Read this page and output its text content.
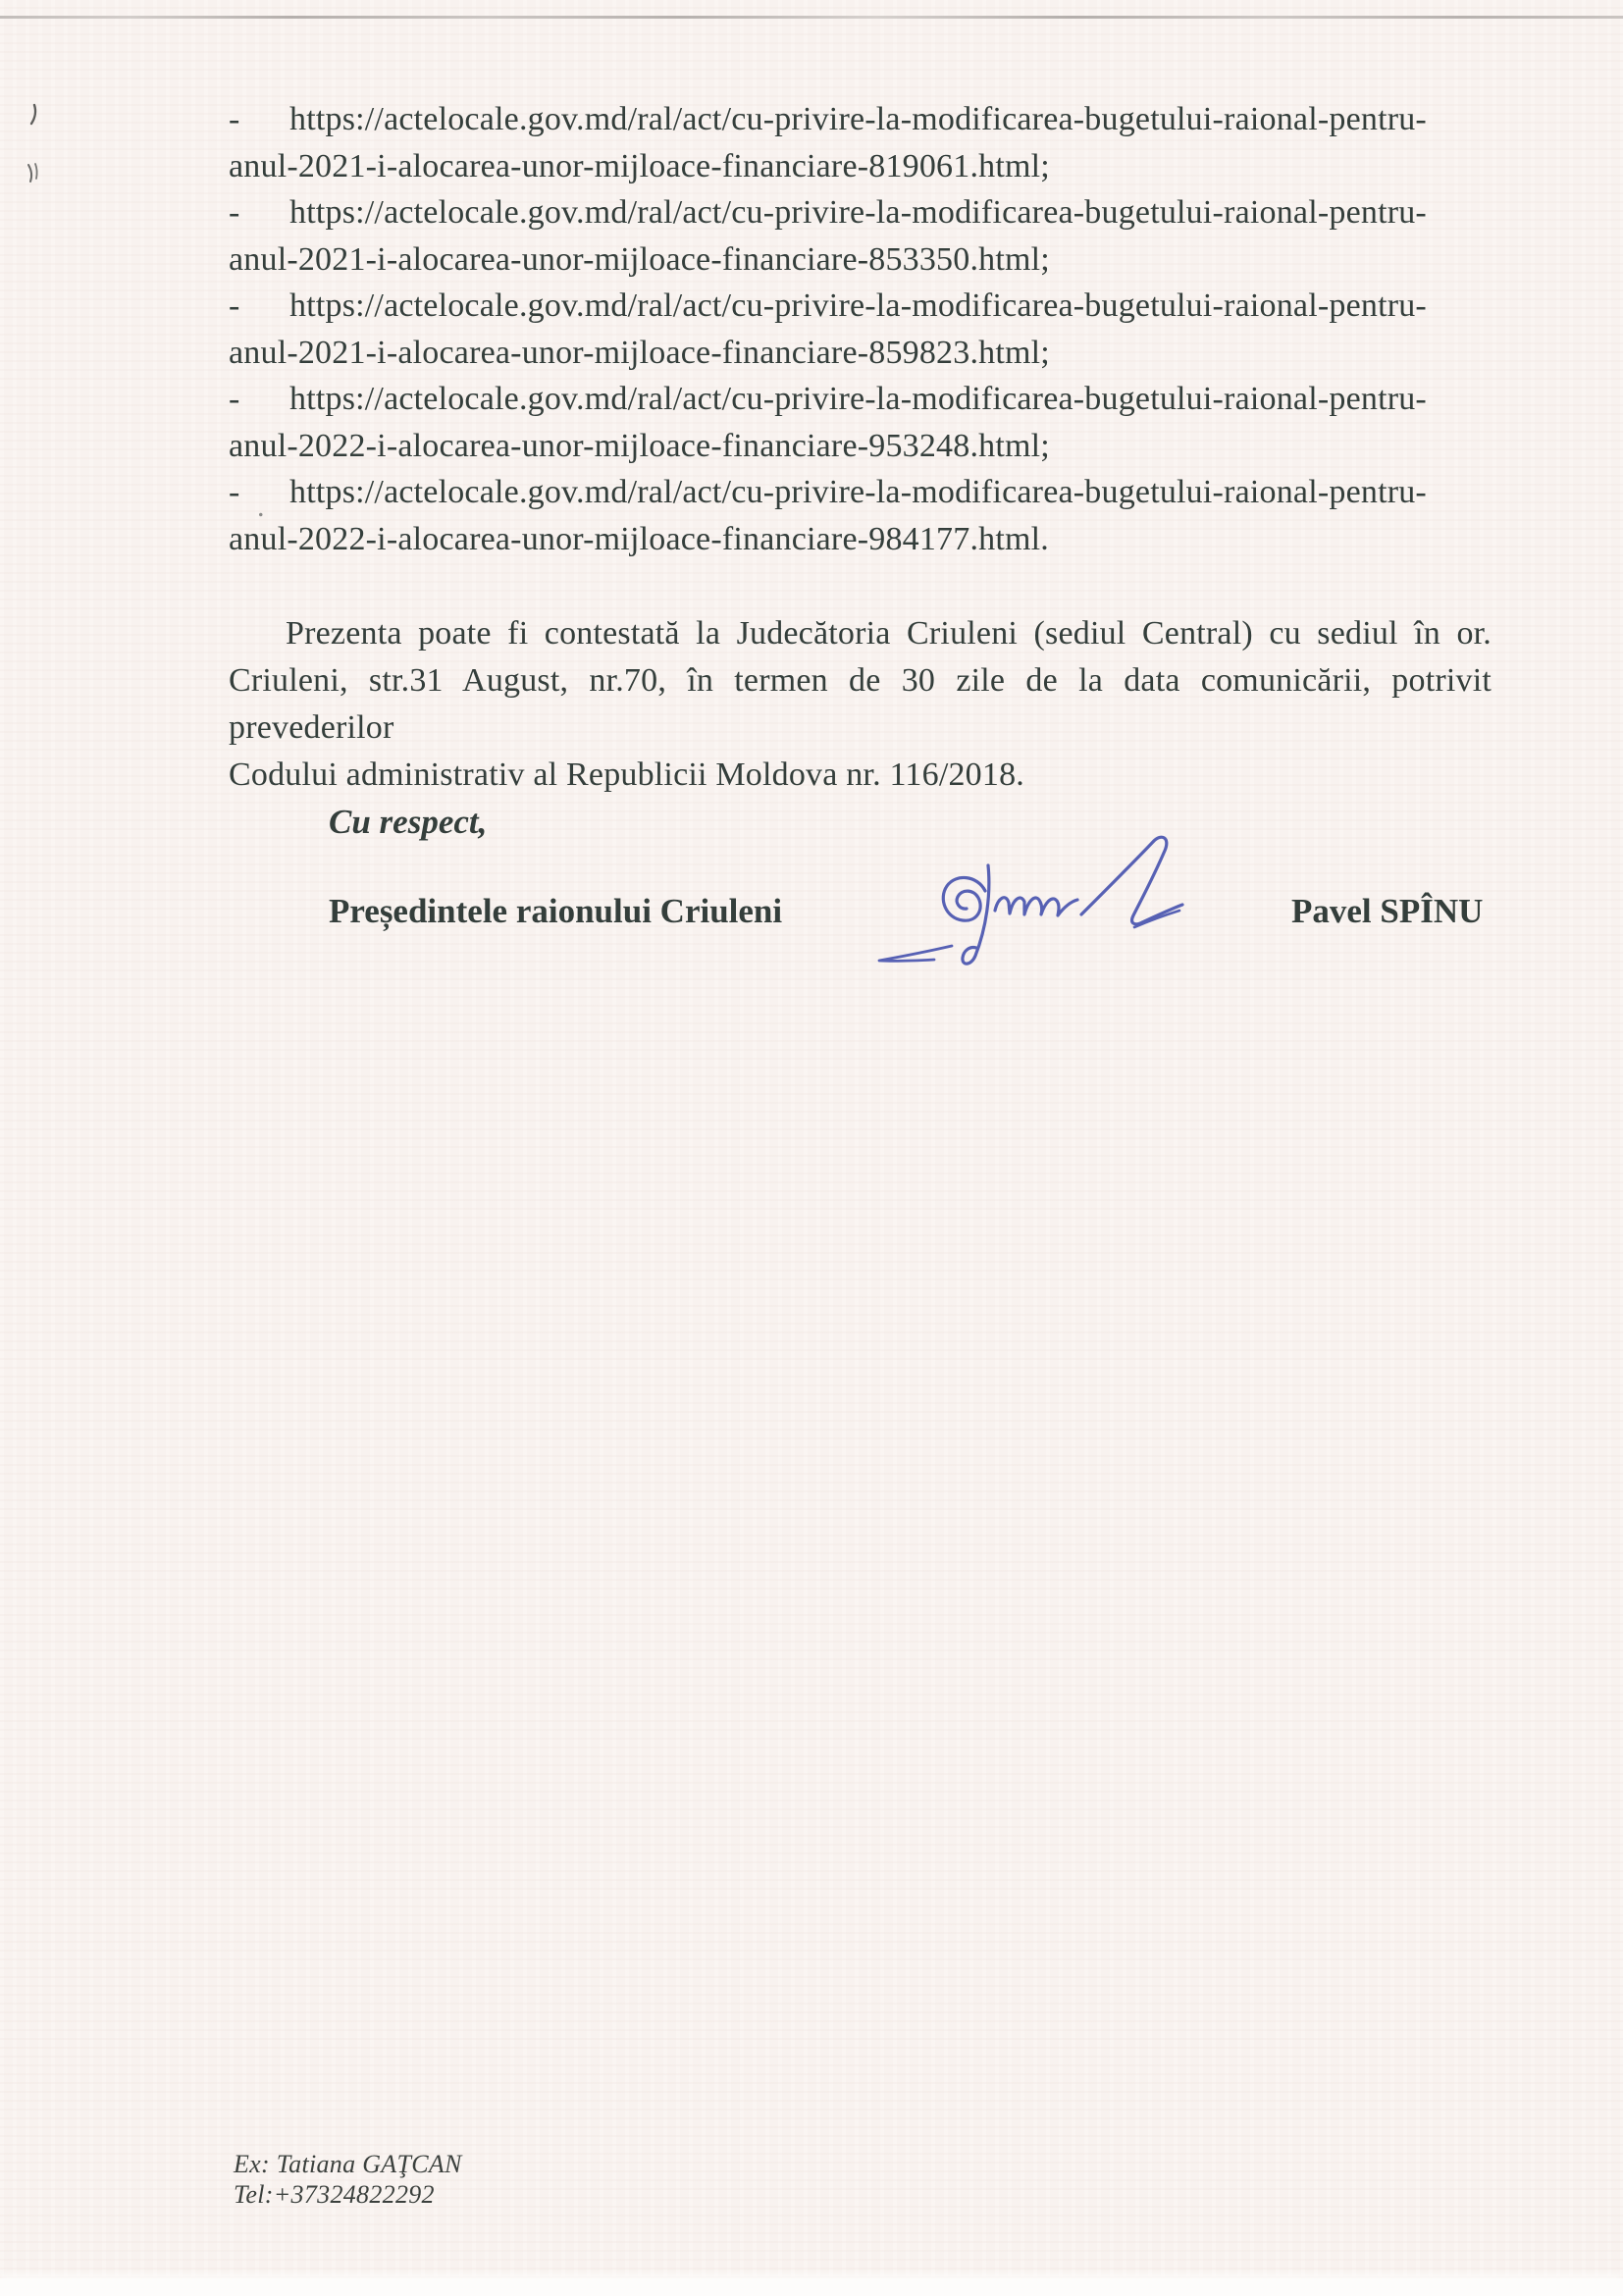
.
- https://actelocale.gov.md/ral/act/cu-privire-la-modificarea-bugetului-raional-pentru-
anul-2021-i-alocarea-unor-mijloace-financiare-819061.html;
- https://actelocale.gov.md/ral/act/cu-privire-la-modificarea-bugetului-raional-pentru-
anul-2021-i-alocarea-unor-mijloace-financiare-853350.html;
- https://actelocale.gov.md/ral/act/cu-privire-la-modificarea-bugetului-raional-pentru-
anul-2021-i-alocarea-unor-mijloace-financiare-859823.html;
- https://actelocale.gov.md/ral/act/cu-privire-la-modificarea-bugetului-raional-pentru-
anul-2022-i-alocarea-unor-mijloace-financiare-953248.html;
- https://actelocale.gov.md/ral/act/cu-privire-la-modificarea-bugetului-raional-pentru-
anul-2022-i-alocarea-unor-mijloace-financiare-984177.html.
Prezenta poate fi contestată la Judecătoria Criuleni (sediul Central) cu sediul în or.
Criuleni, str.31 August, nr.70, în termen de 30 zile de la data comunicării, potrivit prevederilor
Codului administrativ al Republicii Moldova nr. 116/2018.
Cu respect,
Președintele raionului Criuleni	Pavel SPÎNU
Ex: Tatiana GAŢCAN
Tel:+37324822292
